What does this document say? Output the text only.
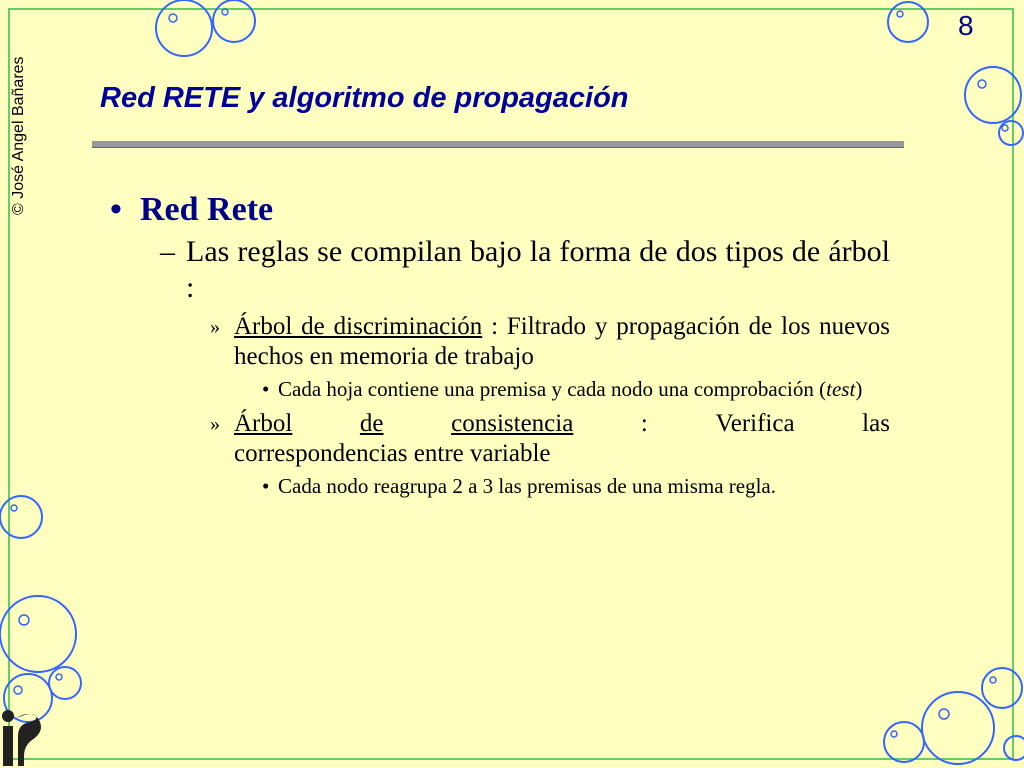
© José Angel Bañares
8
Red RETE y algoritmo de propagación
• Red Rete
– Las reglas se compilan bajo la forma de dos tipos de árbol :
» Árbol de discriminación : Filtrado y propagación de los nuevos hechos en memoria de trabajo
• Cada hoja contiene una premisa y cada nodo una comprobación (test)
» Árbol	de	consistencia	:	Verifica	las
correspondencias entre variable
• Cada nodo reagrupa 2 a 3 las premisas de una misma regla.
